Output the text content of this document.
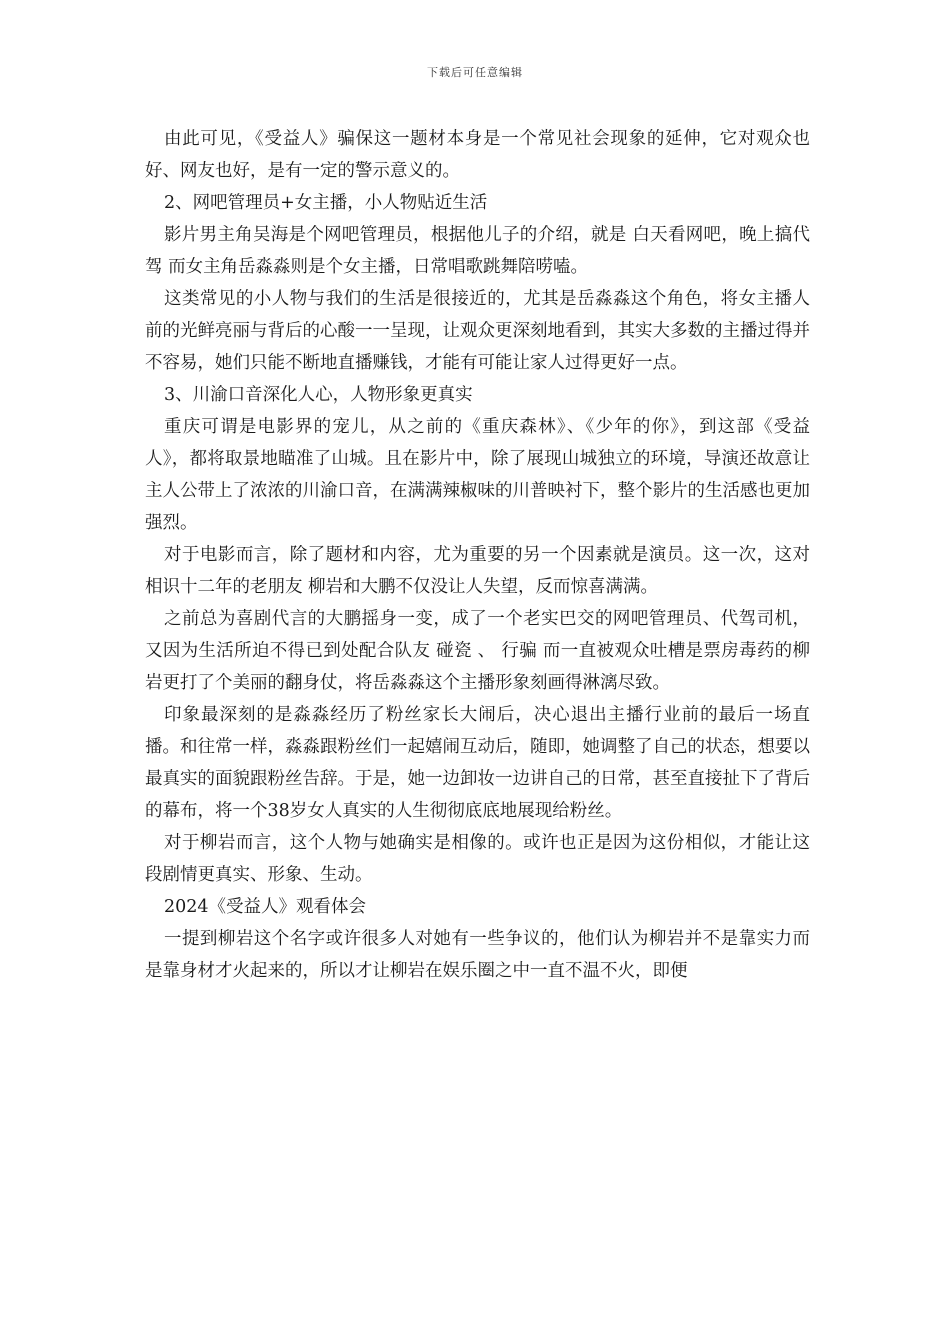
下载后可任意编辑

由此可见，《受益人》骗保这一题材本身是一个常见社会现象的延伸，它对观众也好、网友也好，是有一定的警示意义的。

2、网吧管理员+女主播，小人物贴近生活

影片男主角吴海是个网吧管理员，根据他儿子的介绍，就是 白天看网吧，晚上搞代驾 而女主角岳淼淼则是个女主播，日常唱歌跳舞陪唠嗑。

这类常见的小人物与我们的生活是很接近的，尤其是岳淼淼这个角色，将女主播人前的光鲜亮丽与背后的心酸一一呈现，让观众更深刻地看到，其实大多数的主播过得并不容易，她们只能不断地直播赚钱，才能有可能让家人过得更好一点。

3、川渝口音深化人心，人物形象更真实

重庆可谓是电影界的宠儿，从之前的《重庆森林》、《少年的你》，到这部《受益人》，都将取景地瞄准了山城。且在影片中，除了展现山城独立的环境，导演还故意让主人公带上了浓浓的川渝口音，在满满辣椒味的川普映衬下，整个影片的生活感也更加强烈。

对于电影而言，除了题材和内容，尤为重要的另一个因素就是演员。这一次，这对相识十二年的老朋友 柳岩和大鹏不仅没让人失望，反而惊喜满满。

之前总为喜剧代言的大鹏摇身一变，成了一个老实巴交的网吧管理员、代驾司机，又因为生活所迫不得已到处配合队友 碰瓷 、 行骗 而一直被观众吐槽是票房毒药的柳岩更打了个美丽的翻身仗，将岳淼淼这个主播形象刻画得淋漓尽致。

印象最深刻的是淼淼经历了粉丝家长大闹后，决心退出主播行业前的最后一场直播。和往常一样，淼淼跟粉丝们一起嬉闹互动后，随即，她调整了自己的状态，想要以最真实的面貌跟粉丝告辞。于是，她一边卸妆一边讲自己的日常，甚至直接扯下了背后的幕布，将一个38岁女人真实的人生彻彻底底地展现给粉丝。

对于柳岩而言，这个人物与她确实是相像的。或许也正是因为这份相似，才能让这段剧情更真实、形象、生动。

2024《受益人》观看体会

一提到柳岩这个名字或许很多人对她有一些争议的，他们认为柳岩并不是靠实力而是靠身材才火起来的，所以才让柳岩在娱乐圈之中一直不温不火，即便
